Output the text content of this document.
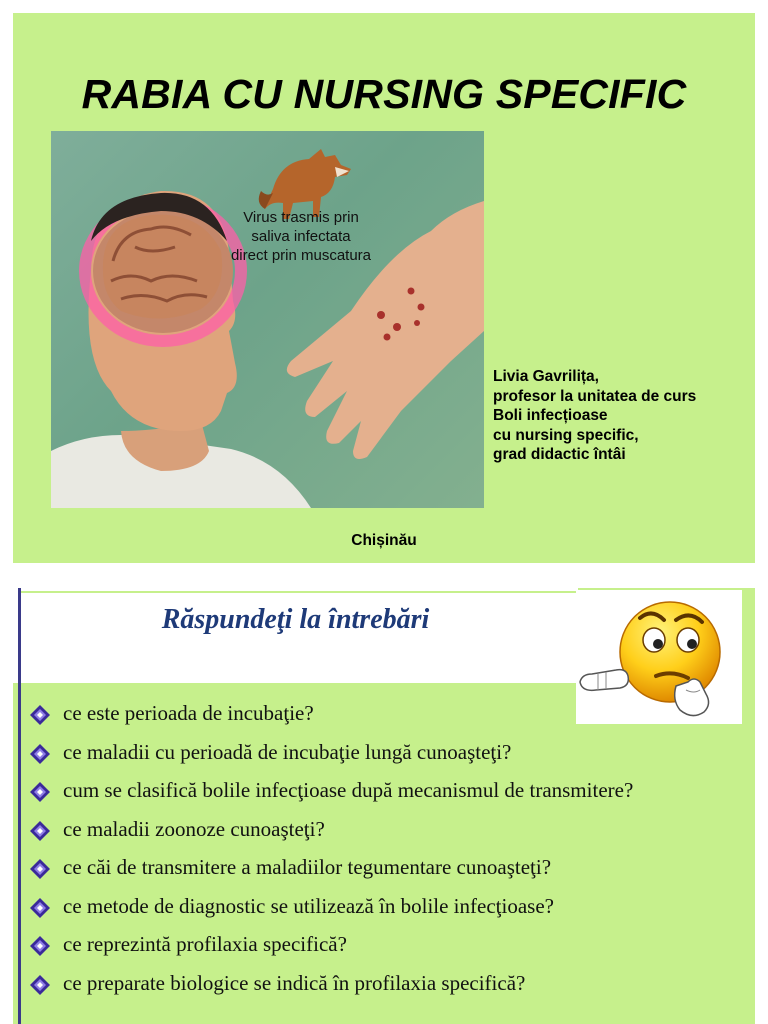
RABIA CU NURSING SPECIFIC
Virus trasmis prin
saliva infectata
direct prin muscatura
Livia Gavrilița,
profesor la unitatea de curs
Boli infecțioase
cu nursing specific,
grad didactic întâi
Chișinău
Răspundeţi la întrebări
ce este perioada de incubaţie?
ce maladii cu perioadă de incubaţie lungă cunoaşteţi?
cum se clasifică bolile infecţioase după mecanismul de transmitere?
ce maladii zoonoze cunoaşteţi?
ce căi de transmitere a maladiilor tegumentare cunoaşteţi?
ce metode de diagnostic se utilizează în bolile infecţioase?
ce reprezintă profilaxia specifică?
ce preparate biologice se indică în profilaxia specifică?
